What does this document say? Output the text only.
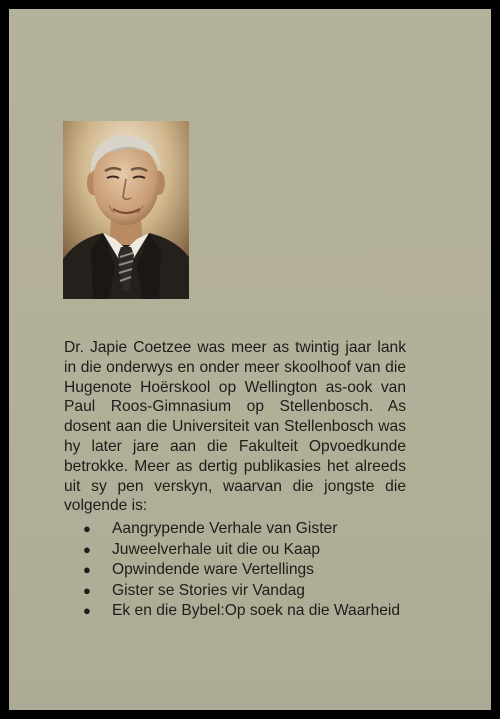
Dr. Japie Coetzee was meer as twintig jaar lank in die onderwys en onder meer skoolhoof van die Hugenote Hoërskool op Wellington as-ook van Paul Roos-Gimnasium op Stellenbosch. As dosent aan die Universiteit van Stellenbosch was hy later jare aan die Fakulteit Opvoedkunde betrokke. Meer as dertig publikasies het alreeds uit sy pen verskyn, waarvan die jongste die volgende is:

● Aangrypende Verhale van Gister
● Juweelverhale uit die ou Kaap
● Opwindende ware Vertellings
● Gister se Stories vir Vandag
● Ek en die Bybel:Op soek na die Waarheid
